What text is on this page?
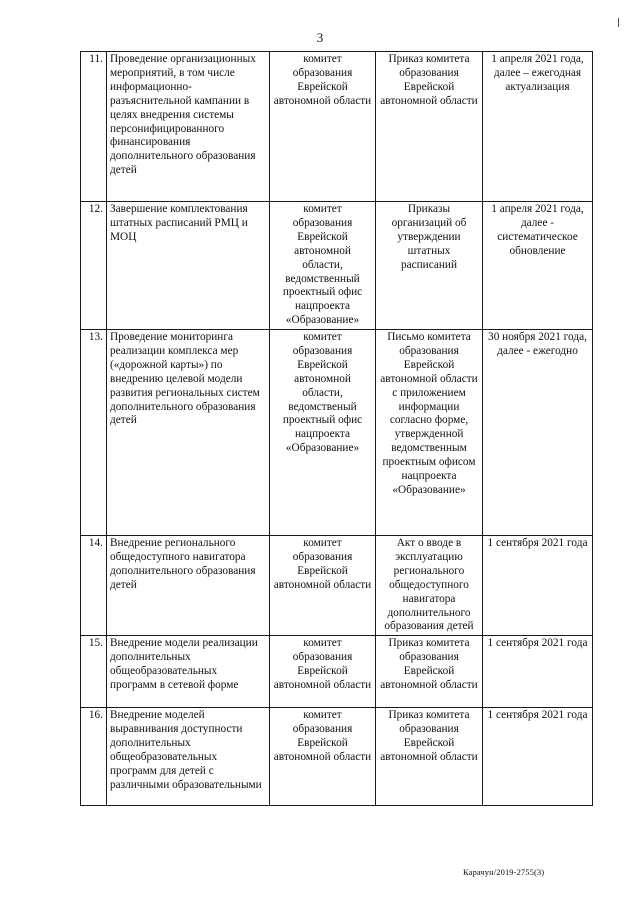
3
11.	Проведение организационных мероприятий, в том числе информационно-разъяснительной кампании в целях внедрения системы персонифицированного финансирования дополнительного образования детей	комитет образования Еврейской автономной области	Приказ комитета образования Еврейской автономной области	1 апреля 2021 года, далее – ежегодная актуализация
12.	Завершение комплектования штатных расписаний РМЦ и МОЦ	комитет образования Еврейской автономной области, ведомственный проектный офис нацпроекта «Образование»	Приказы организаций об утверждении штатных расписаний	1 апреля 2021 года, далее - систематическое обновление
13.	Проведение мониторинга реализации комплекса мер («дорожной карты») по внедрению целевой модели развития региональных систем дополнительного образования детей	комитет образования Еврейской автономной области, ведомственый проектный офис нацпроекта «Образование»	Письмо комитета образования Еврейской автономной области с приложением информации согласно форме, утвержденной ведомственным проектным офисом нацпроекта «Образование»	30 ноября 2021 года, далее - ежегодно
14.	Внедрение регионального общедоступного навигатора дополнительного образования детей	комитет образования Еврейской автономной области	Акт о вводе в эксплуатацию регионального общедоступного навигатора дополнительного образования детей	1 сентября 2021 года
15.	Внедрение модели реализации дополнительных общеобразовательных программ в сетевой форме	комитет образования Еврейской автономной области	Приказ комитета образования Еврейской автономной области	1 сентября 2021 года
16.	Внедрение моделей выравнивания доступности дополнительных общеобразовательных программ для детей с различными образовательными	комитет образования Еврейской автономной области	Приказ комитета образования Еврейской автономной области	1 сентября 2021 года
Карачун/2019-2755(3)
